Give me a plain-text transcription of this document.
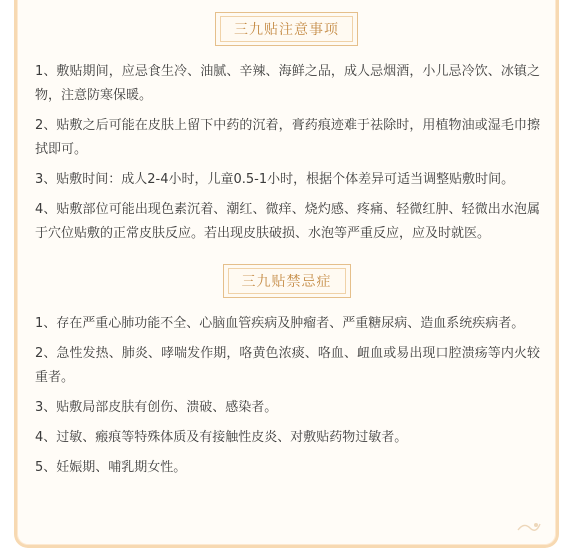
三九贴注意事项
1、敷贴期间，应忌食生冷、油腻、辛辣、海鲜之品，成人忌烟酒，小儿忌冷饮、冰镇之物，注意防寒保暖。
2、贴敷之后可能在皮肤上留下中药的沉着，膏药痕迹难于祛除时，用植物油或湿毛巾擦拭即可。
3、贴敷时间：成人2-4小时，儿童0.5-1小时，根据个体差异可适当调整贴敷时间。
4、贴敷部位可能出现色素沉着、潮红、微痒、烧灼感、疼痛、轻微红肿、轻微出水泡属于穴位贴敷的正常皮肤反应。若出现皮肤破损、水泡等严重反应，应及时就医。
三九贴禁忌症
1、存在严重心肺功能不全、心脑血管疾病及肿瘤者、严重糖尿病、造血系统疾病者。
2、急性发热、肺炎、哮喘发作期，咯黄色浓痰、咯血、衄血或易出现口腔溃疡等内火较重者。
3、贴敷局部皮肤有创伤、溃破、感染者。
4、过敏、瘢痕等特殊体质及有接触性皮炎、对敷贴药物过敏者。
5、妊娠期、哺乳期女性。
